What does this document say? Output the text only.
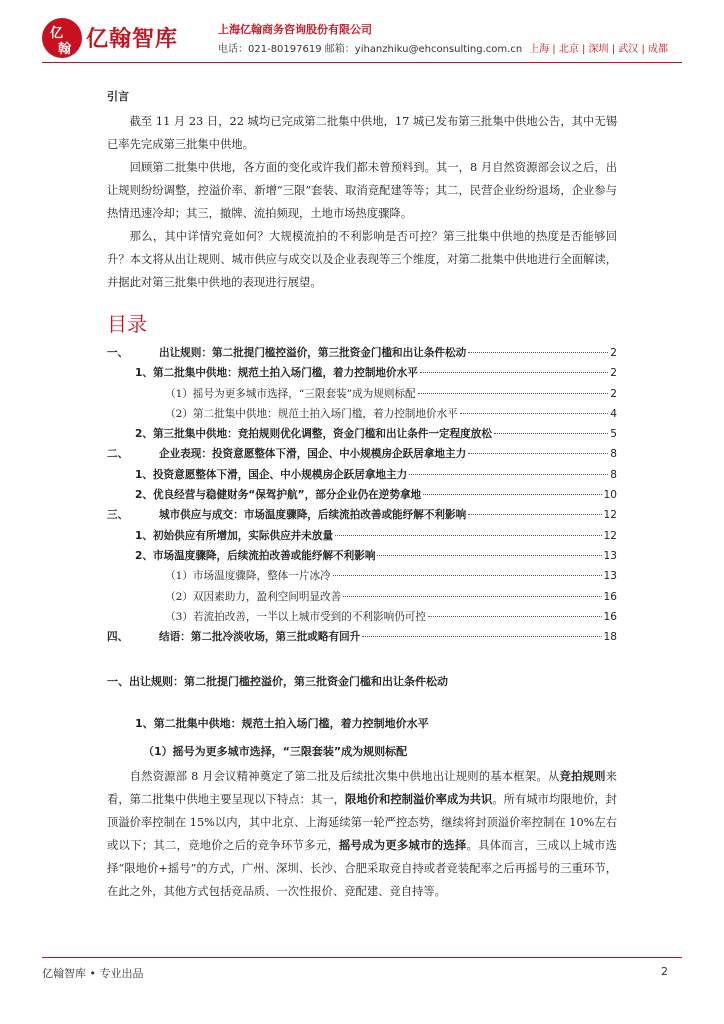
亿
翰 亿翰智库	上海亿翰商务咨询股份有限公司
电话：021-80197619 邮箱：yihanzhiku@ehconsulting.com.cn 上海 | 北京 | 深圳 | 武汉 | 成都
引言

截至 11 月 23 日，22 城均已完成第二批集中供地，17 城已发布第三批集中供地公告，其中无锡已率先完成第三批集中供地。

回顾第二批集中供地，各方面的变化或许我们都未曾预料到。其一，8 月自然资源部会议之后，出让规则纷纷调整，控溢价率、新增“三限”套装、取消竞配建等等；其二，民营企业纷纷退场，企业参与热情迅速冷却；其三，撤牌、流拍频现，土地市场热度骤降。

那么，其中详情究竟如何？大规模流拍的不利影响是否可控？第三批集中供地的热度是否能够回升？本文将从出让规则、城市供应与成交以及企业表现等三个维度，对第二批集中供地进行全面解读，并据此对第三批集中供地的表现进行展望。

目录
一、	出让规则：第二批提门槛控溢价，第三批资金门槛和出让条件松动	2
1、第二批集中供地：规范土拍入场门槛，着力控制地价水平	2
（1）摇号为更多城市选择，“三限套装”成为规则标配	2
（2）第二批集中供地：规范土拍入场门槛，着力控制地价水平	4
2、第三批集中供地：竞拍规则优化调整，资金门槛和出让条件一定程度放松	5
二、	企业表现：投资意愿整体下滑，国企、中小规模房企跃居拿地主力	8
1、投资意愿整体下滑，国企、中小规模房企跃居拿地主力	8
2、优良经营与稳健财务“保驾护航”，部分企业仍在逆势拿地	10
三、	城市供应与成交：市场温度骤降，后续流拍改善或能纾解不利影响	12
1、初始供应有所增加，实际供应并未放量	12
2、市场温度骤降，后续流拍改善或能纾解不利影响	13
（1）市场温度骤降，整体一片冰冷	13
（2）双因素助力，盈利空间明显改善	16
（3）若流拍改善，一半以上城市受到的不利影响仍可控	16
四、	结语：第二批冷淡收场，第三批或略有回升	18
一、出让规则：第二批提门槛控溢价，第三批资金门槛和出让条件松动
1、第二批集中供地：规范土拍入场门槛，着力控制地价水平
（1）摇号为更多城市选择，“三限套装”成为规则标配

自然资源部 8 月会议精神奠定了第二批及后续批次集中供地出让规则的基本框架。从竞拍规则来看，第二批集中供地主要呈现以下特点：其一，限地价和控制溢价率成为共识。所有城市均限地价，封顶溢价率控制在 15%以内，其中北京、上海延续第一轮严控态势，继续将封顶溢价率控制在 10%左右或以下；其二，竞地价之后的竞争环节多元，摇号成为更多城市的选择。具体而言，三成以上城市选择“限地价+摇号”的方式，广州、深圳、长沙、合肥采取竞自持或者竞装配率之后再摇号的三重环节，在此之外，其他方式包括竞品质、一次性报价、竞配建、竞自持等。

亿翰智库 • 专业出品	2
